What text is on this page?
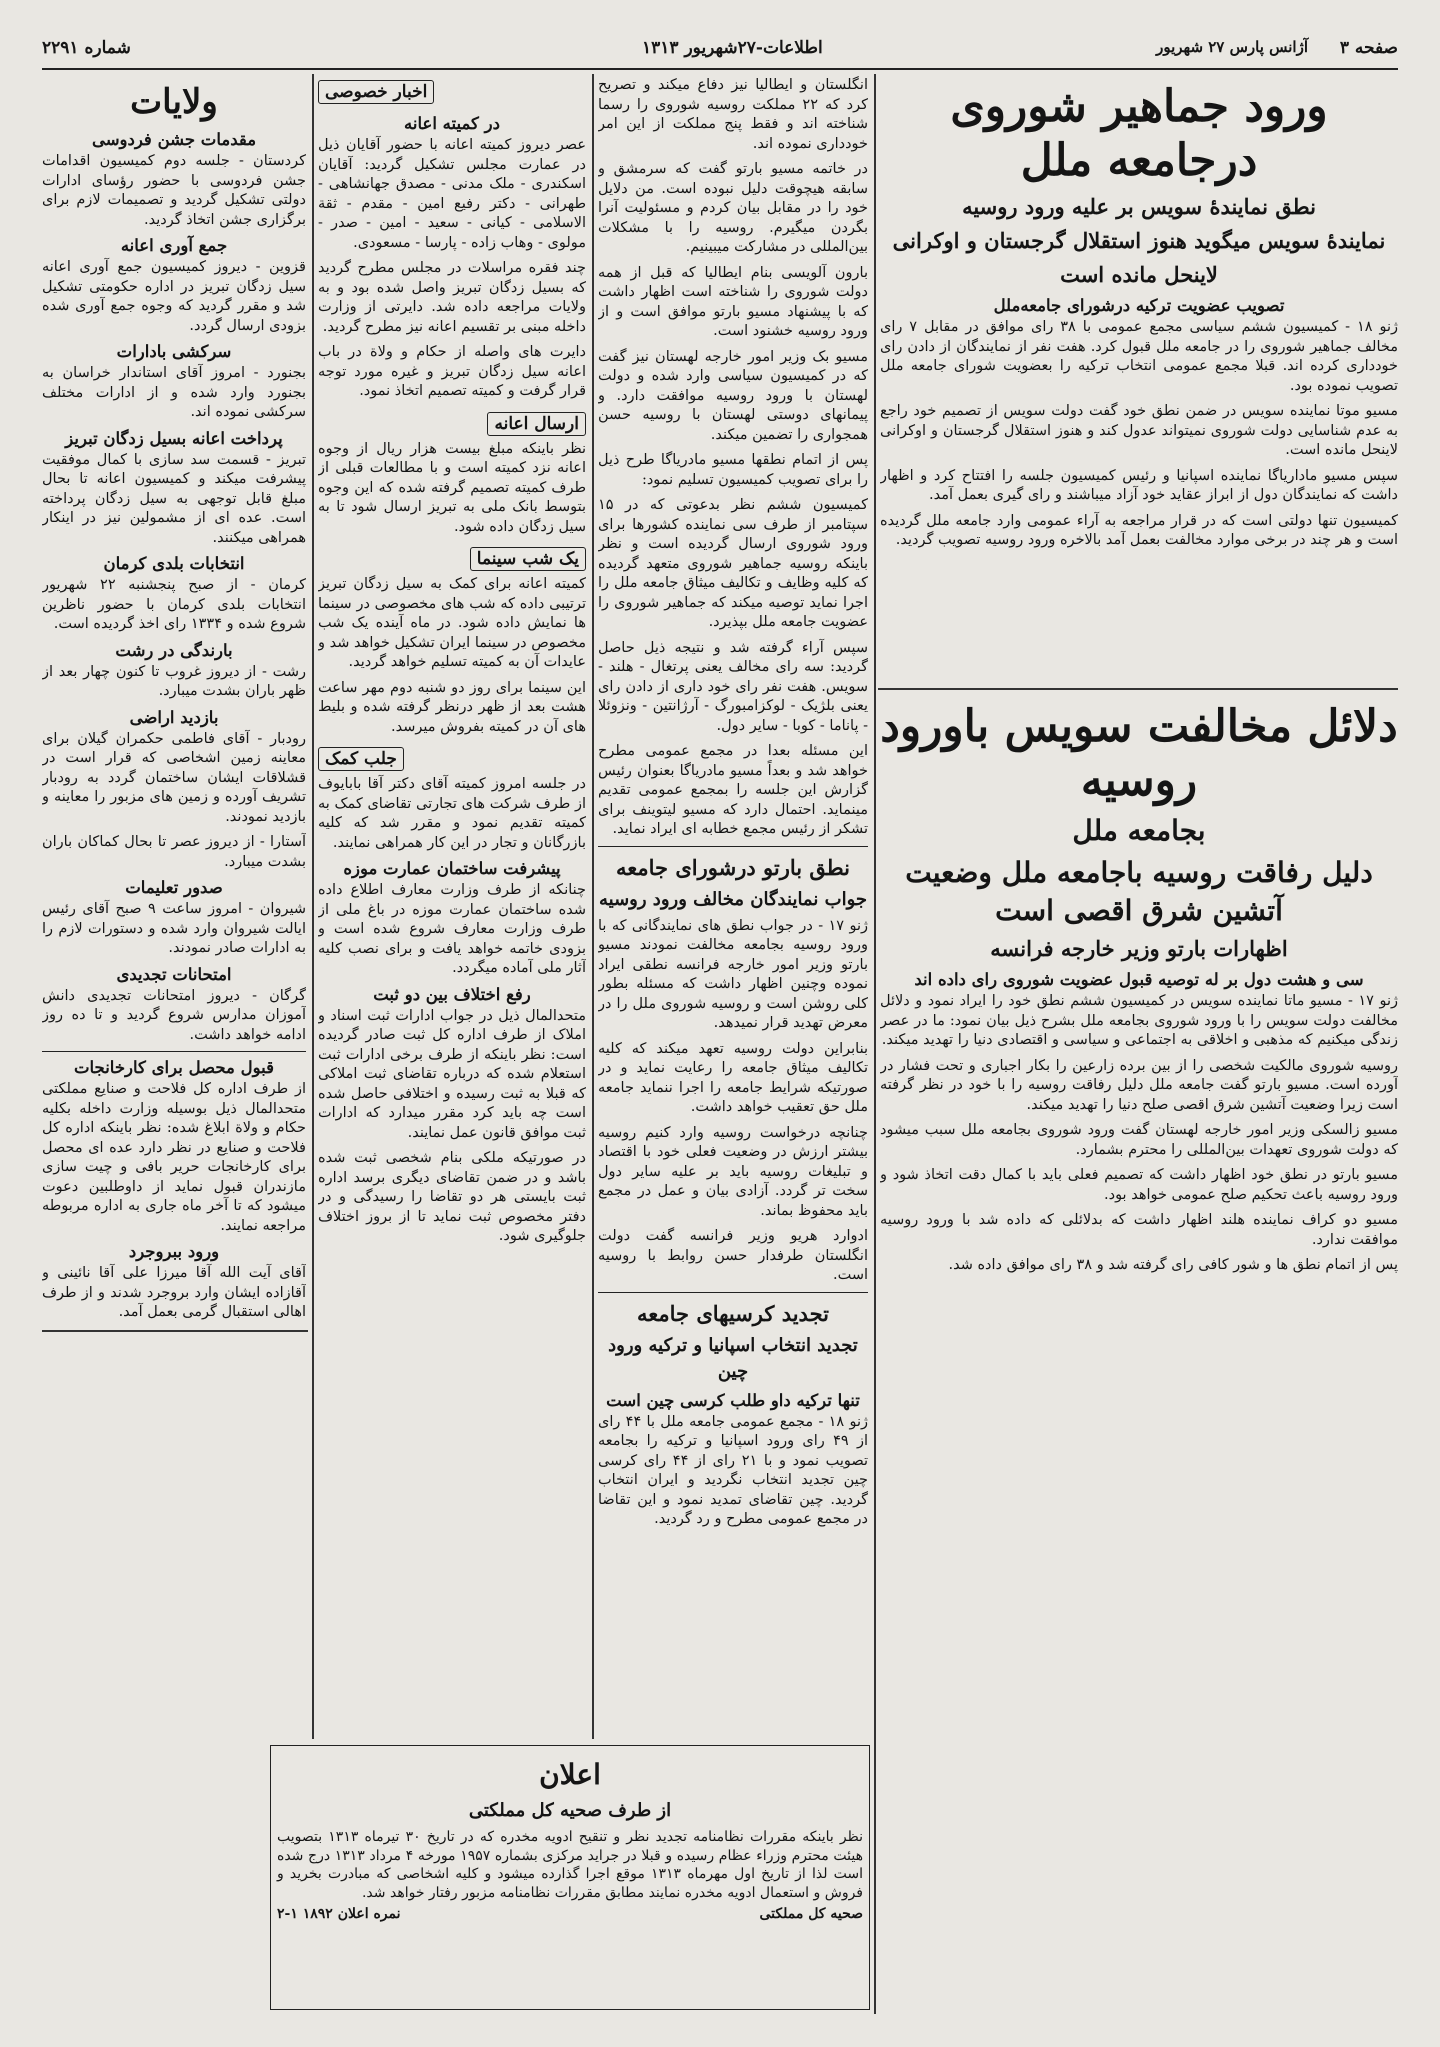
صفحه ۳
آژانس پارس ۲۷ شهریور
اطلاعات-۲۷شهریور ۱۳۱۳
شماره ۲۲۹۱
ورود جماهیر شوروی درجامعه ملل
نطق نمایندهٔ سویس بر علیه ورود روسیه
نمایندهٔ سویس میگوید هنوز استقلال گرجستان و اوکرانی
لاینحل مانده است
تصویب عضویت ترکیه درشورای جامعه‌ملل

ژنو ۱۸ - کمیسیون ششم سیاسی مجمع عمومی با ۳۸ رای موافق در مقابل ۷ رای مخالف جماهیر شوروی را در جامعه ملل قبول کرد. هفت نفر از نمایندگان از دادن رای خودداری کرده اند. قبلا مجمع عمومی انتخاب ترکیه را بعضویت شورای جامعه ملل تصویب نموده بود.

مسیو موتا نماینده سویس در ضمن نطق خود گفت دولت سویس از تصمیم خود راجع به عدم شناسایی دولت شوروی نمیتواند عدول کند و هنوز استقلال گرجستان و اوکرانی لاینحل مانده است.

سپس مسیو ماداریاگا نماینده اسپانیا و رئیس کمیسیون جلسه را افتتاح کرد و اظهار داشت که نمایندگان دول از ابراز عقاید خود آزاد میباشند و رای گیری بعمل آمد.

کمیسیون تنها دولتی است که در قرار مراجعه به آراء عمومی وارد جامعه ملل گردیده است و هر چند در برخی موارد مخالفت بعمل آمد بالاخره ورود روسیه تصویب گردید.

دلائل مخالفت سویس باورود روسیه
بجامعه ملل
دلیل رفاقت روسیه باجامعه ملل وضعیت آتشین شرق اقصی است
اظهارات بارتو وزیر خارجه فرانسه
سی و هشت دول بر له توصیه قبول عضویت شوروی رای داده اند

ژنو ۱۷ - مسیو ماتا نماینده سویس در کمیسیون ششم نطق خود را ایراد نمود و دلائل مخالفت دولت سویس را با ورود شوروی بجامعه ملل بشرح ذیل بیان نمود: ما در عصر زندگی میکنیم که مذهبی و اخلاقی به اجتماعی و سیاسی و اقتصادی دنیا را تهدید میکند.

روسیه شوروی مالکیت شخصی را از بین برده زارعین را بکار اجباری و تحت فشار در آورده است. مسیو بارتو گفت جامعه ملل دلیل رفاقت روسیه را با خود در نظر گرفته است زیرا وضعیت آتشین شرق اقصی صلح دنیا را تهدید میکند.

مسیو زالسکی وزیر امور خارجه لهستان گفت ورود شوروی بجامعه ملل سبب میشود که دولت شوروی تعهدات بین‌المللی را محترم بشمارد.

مسیو بارتو در نطق خود اظهار داشت که تصمیم فعلی باید با کمال دقت اتخاذ شود و ورود روسیه باعث تحکیم صلح عمومی خواهد بود.

مسیو دو کراف نماینده هلند اظهار داشت که بدلائلی که داده شد با ورود روسیه موافقت ندارد.

پس از اتمام نطق ها و شور کافی رای گرفته شد و ۳۸ رای موافق داده شد.

انگلستان و ایطالیا نیز دفاع میکند و تصریح کرد که ۲۲ مملکت روسیه شوروی را رسما شناخته اند و فقط پنج مملکت از این امر خودداری نموده اند.

در خاتمه مسیو بارتو گفت که سرمشق و سابقه هیچوقت دلیل نبوده است. من دلایل خود را در مقابل بیان کردم و مسئولیت آنرا بگردن میگیرم. روسیه را با مشکلات بین‌المللی در مشارکت میبینیم.

بارون آلویسی بنام ایطالیا که قبل از همه دولت شوروی را شناخته است اظهار داشت که با پیشنهاد مسیو بارتو موافق است و از ورود روسیه خشنود است.

مسیو بک وزیر امور خارجه لهستان نیز گفت که در کمیسیون سیاسی وارد شده و دولت لهستان با ورود روسیه موافقت دارد. و پیمانهای دوستی لهستان با روسیه حسن همجواری را تضمین میکند.

پس از اتمام نطقها مسیو مادریاگا طرح ذیل را برای تصویب کمیسیون تسلیم نمود:

کمیسیون ششم نظر بدعوتی که در ۱۵ سپتامبر از طرف سی نماینده کشورها برای ورود شوروی ارسال گردیده است و نظر باینکه روسیه جماهیر شوروی متعهد گردیده که کلیه وظایف و تکالیف میثاق جامعه ملل را اجرا نماید توصیه میکند که جماهیر شوروی را عضویت جامعه ملل بپذیرد.

سپس آراء گرفته شد و نتیجه ذیل حاصل گردید: سه رای مخالف یعنی پرتغال - هلند - سویس. هفت نفر رای خود داری از دادن رای یعنی بلژیک - لوکزامبورگ - آرژانتین - ونزوئلا - پاناما - کوبا - سایر دول.

این مسئله بعدا در مجمع عمومی مطرح خواهد شد و بعداً مسیو مادریاگا بعنوان رئیس گزارش این جلسه را بمجمع عمومی تقدیم مینماید. احتمال دارد که مسیو لیتوینف برای تشکر از رئیس مجمع خطابه ای ایراد نماید.

نطق بارتو درشورای جامعه
جواب نمایندگان مخالف ورود روسیه

ژنو ۱۷ - در جواب نطق های نمایندگانی که با ورود روسیه بجامعه مخالفت نمودند مسیو بارتو وزیر امور خارجه فرانسه نطقی ایراد نموده وچنین اظهار داشت که مسئله بطور کلی روشن است و روسیه شوروی ملل را در معرض تهدید قرار نمیدهد.

بنابراین دولت روسیه تعهد میکند که کلیه تکالیف میثاق جامعه را رعایت نماید و در صورتیکه شرایط جامعه را اجرا ننماید جامعه ملل حق تعقیب خواهد داشت.

چنانچه درخواست روسیه وارد کنیم روسیه بیشتر ارزش در وضعیت فعلی خود با اقتصاد و تبلیغات روسیه باید بر علیه سایر دول سخت تر گردد. آزادی بیان و عمل در مجمع باید محفوظ بماند.

ادوارد هریو وزیر فرانسه گفت دولت انگلستان طرفدار حسن روابط با روسیه است.

تجدید کرسیهای جامعه
تجدید انتخاب اسپانیا و ترکیه ورود چین
تنها ترکیه داو طلب کرسی چین است

ژنو ۱۸ - مجمع عمومی جامعه ملل با ۴۴ رای از ۴۹ رای ورود اسپانیا و ترکیه را بجامعه تصویب نمود و با ۲۱ رای از ۴۴ رای کرسی چین تجدید انتخاب نگردید و ایران انتخاب گردید. چین تقاضای تمدید نمود و این تقاضا در مجمع عمومی مطرح و رد گردید.

اخبار خصوصی
در کمیته اعانه

عصر دیروز کمیته اعانه با حضور آقایان ذیل در عمارت مجلس تشکیل گردید: آقایان اسکندری - ملک مدنی - مصدق جهانشاهی - طهرانی - دکتر رفیع امین - مقدم - ثقة الاسلامی - کیانی - سعید - امین - صدر - مولوی - وهاب زاده - پارسا - مسعودی.

چند فقره مراسلات در مجلس مطرح گردید که بسیل زدگان تبریز واصل شده بود و به ولایات مراجعه داده شد. دایرتی از وزارت داخله مبنی بر تقسیم اعانه نیز مطرح گردید.

دایرت های واصله از حکام و ولاة در باب اعانه سیل زدگان تبریز و غیره مورد توجه قرار گرفت و کمیته تصمیم اتخاذ نمود.

ارسال اعانه

نظر باینکه مبلغ بیست هزار ریال از وجوه اعانه نزد کمیته است و با مطالعات قبلی از طرف کمیته تصمیم گرفته شده که این وجوه بتوسط بانک ملی به تبریز ارسال شود تا به سیل زدگان داده شود.

یک شب سینما

کمیته اعانه برای کمک به سیل زدگان تبریز ترتیبی داده که شب های مخصوصی در سینما ها نمایش داده شود. در ماه آینده یک شب مخصوص در سینما ایران تشکیل خواهد شد و عایدات آن به کمیته تسلیم خواهد گردید.

این سینما برای روز دو شنبه دوم مهر ساعت هشت بعد از ظهر درنظر گرفته شده و بلیط های آن در کمیته بفروش میرسد.

جلب کمک

در جلسه امروز کمیته آقای دکتر آقا بابایوف از طرف شرکت های تجارتی تقاضای کمک به کمیته تقدیم نمود و مقرر شد که کلیه بازرگانان و تجار در این کار همراهی نمایند.

پیشرفت ساختمان عمارت موزه

چنانکه از طرف وزارت معارف اطلاع داده شده ساختمان عمارت موزه در باغ ملی از طرف وزارت معارف شروع شده است و بزودی خاتمه خواهد یافت و برای نصب کلیه آثار ملی آماده میگردد.

رفع اختلاف بین دو ثبت

متحدالمال ذیل در جواب ادارات ثبت اسناد و املاک از طرف اداره کل ثبت صادر گردیده است: نظر باینکه از طرف برخی ادارات ثبت استعلام شده که درباره تقاضای ثبت املاکی که قبلا به ثبت رسیده و اختلافی حاصل شده است چه باید کرد مقرر میدارد که ادارات ثبت موافق قانون عمل نمایند.

در صورتیکه ملکی بنام شخصی ثبت شده باشد و در ضمن تقاضای دیگری برسد اداره ثبت بایستی هر دو تقاضا را رسیدگی و در دفتر مخصوص ثبت نماید تا از بروز اختلاف جلوگیری شود.

ولایات
مقدمات جشن فردوسی

کردستان - جلسه دوم کمیسیون اقدامات جشن فردوسی با حضور رؤسای ادارات دولتی تشکیل گردید و تصمیمات لازم برای برگزاری جشن اتخاذ گردید.

جمع آوری اعانه

قزوین - دیروز کمیسیون جمع آوری اعانه سیل زدگان تبریز در اداره حکومتی تشکیل شد و مقرر گردید که وجوه جمع آوری شده بزودی ارسال گردد.

سرکشی بادارات

بجنورد - امروز آقای استاندار خراسان به بجنورد وارد شده و از ادارات مختلف سرکشی نموده اند.

پرداخت اعانه بسیل زدگان تبریز

تبریز - قسمت سد سازی با کمال موفقیت پیشرفت میکند و کمیسیون اعانه تا بحال مبلغ قابل توجهی به سیل زدگان پرداخته است. عده ای از مشمولین نیز در اینکار همراهی میکنند.

انتخابات بلدی کرمان

کرمان - از صبح پنجشنبه ۲۲ شهریور انتخابات بلدی کرمان با حضور ناظرین شروع شده و ۱۳۳۴ رای اخذ گردیده است.

بارندگی در رشت

رشت - از دیروز غروب تا کنون چهار بعد از ظهر باران بشدت میبارد.

بازدید اراضی

رودبار - آقای فاطمی حکمران گیلان برای معاینه زمین اشخاصی که قرار است در قشلاقات ایشان ساختمان گردد به رودبار تشریف آورده و زمین های مزبور را معاینه و بازدید نمودند.

آستارا - از دیروز عصر تا بحال کماکان باران بشدت میبارد.

صدور تعلیمات

شیروان - امروز ساعت ۹ صبح آقای رئیس ایالت شیروان وارد شده و دستورات لازم را به ادارات صادر نمودند.

امتحانات تجدیدی

گرگان - دیروز امتحانات تجدیدی دانش آموزان مدارس شروع گردید و تا ده روز ادامه خواهد داشت.

قبول محصل برای کارخانجات

از طرف اداره کل فلاحت و صنایع مملکتی متحدالمال ذیل بوسیله وزارت داخله بکلیه حکام و ولاة ابلاغ شده: نظر باینکه اداره کل فلاحت و صنایع در نظر دارد عده ای محصل برای کارخانجات حریر بافی و چیت سازی مازندران قبول نماید از داوطلبین دعوت میشود که تا آخر ماه جاری به اداره مربوطه مراجعه نمایند.

ورود ببروجرد

آقای آیت الله آقا میرزا علی آقا نائینی و آقازاده ایشان وارد بروجرد شدند و از طرف اهالی استقبال گرمی بعمل آمد.

اعلان
از طرف صحیه کل مملکتی

نظر باینکه مقررات نظامنامه تجدید نظر و تنقیح ادویه مخدره که در تاریخ ۳۰ تیرماه ۱۳۱۳ بتصویب هیئت محترم وزراء عظام رسیده و قبلا در جراید مرکزی بشماره ۱۹۵۷ مورخه ۴ مرداد ۱۳۱۳ درج شده است لذا از تاریخ اول مهرماه ۱۳۱۳ موقع اجرا گذارده میشود و کلیه اشخاصی که مبادرت بخرید و فروش و استعمال ادویه مخدره نمایند مطابق مقررات نظامنامه مزبور رفتار خواهد شد.

صحیه کل مملکتی
نمره اعلان ۱۸۹۲ ۱-۲
